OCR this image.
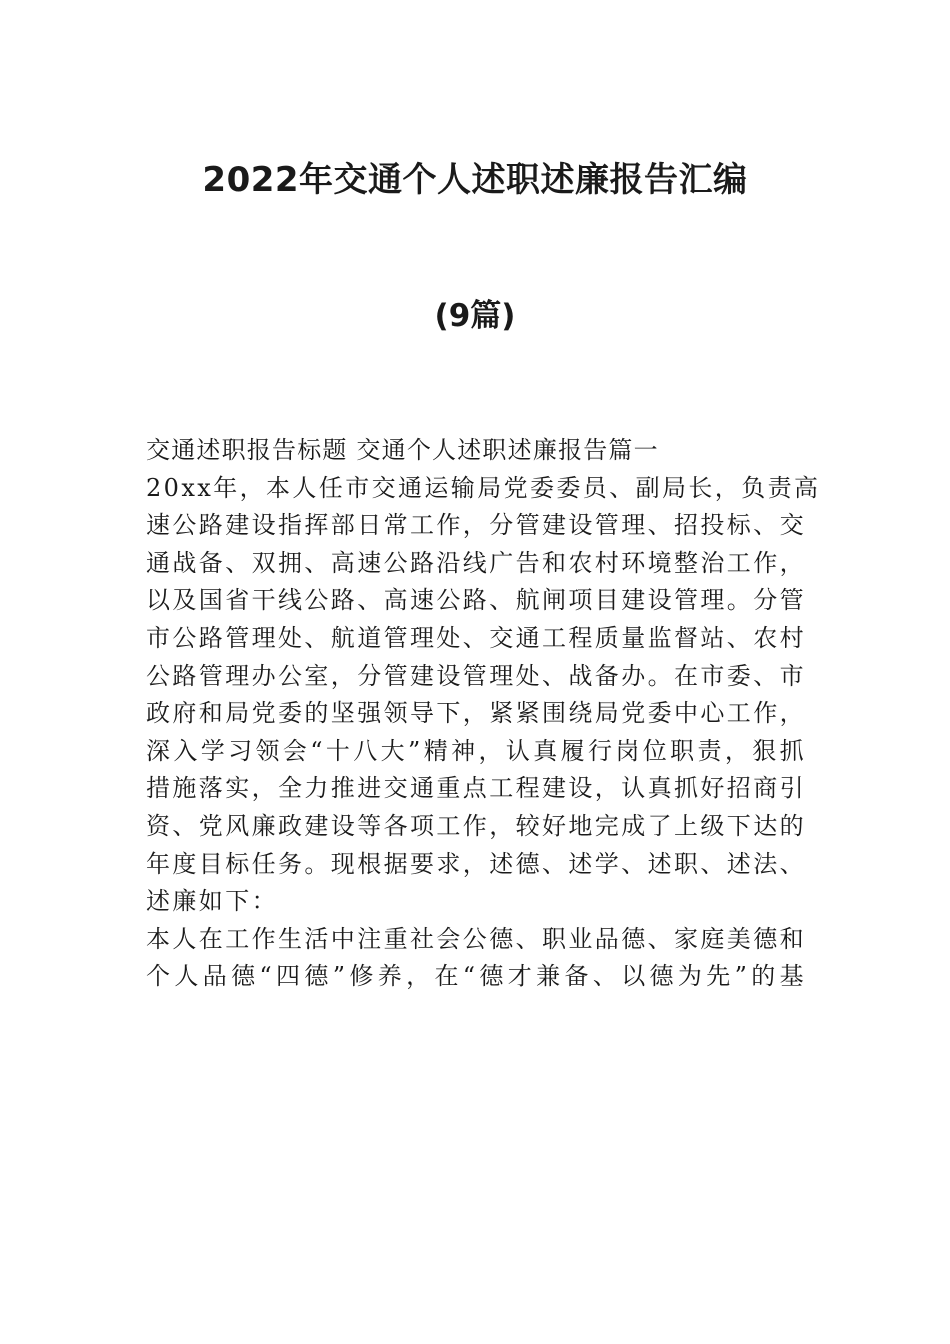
2022年交通个人述职述廉报告汇编
(9篇)
交通述职报告标题 交通个人述职述廉报告篇一
20xx年，本人任市交通运输局党委委员、副局长，负责高
速公路建设指挥部日常工作，分管建设管理、招投标、交
通战备、双拥、高速公路沿线广告和农村环境整治工作，
以及国省干线公路、高速公路、航闸项目建设管理。分管
市公路管理处、航道管理处、交通工程质量监督站、农村
公路管理办公室，分管建设管理处、战备办。在市委、市
政府和局党委的坚强领导下，紧紧围绕局党委中心工作，
深入学习领会“十八大”精神，认真履行岗位职责，狠抓
措施落实，全力推进交通重点工程建设，认真抓好招商引
资、党风廉政建设等各项工作，较好地完成了上级下达的
年度目标任务。现根据要求，述德、述学、述职、述法、
述廉如下：
本人在工作生活中注重社会公德、职业品德、家庭美德和
个人品德“四德”修养，在“德才兼备、以德为先”的基
